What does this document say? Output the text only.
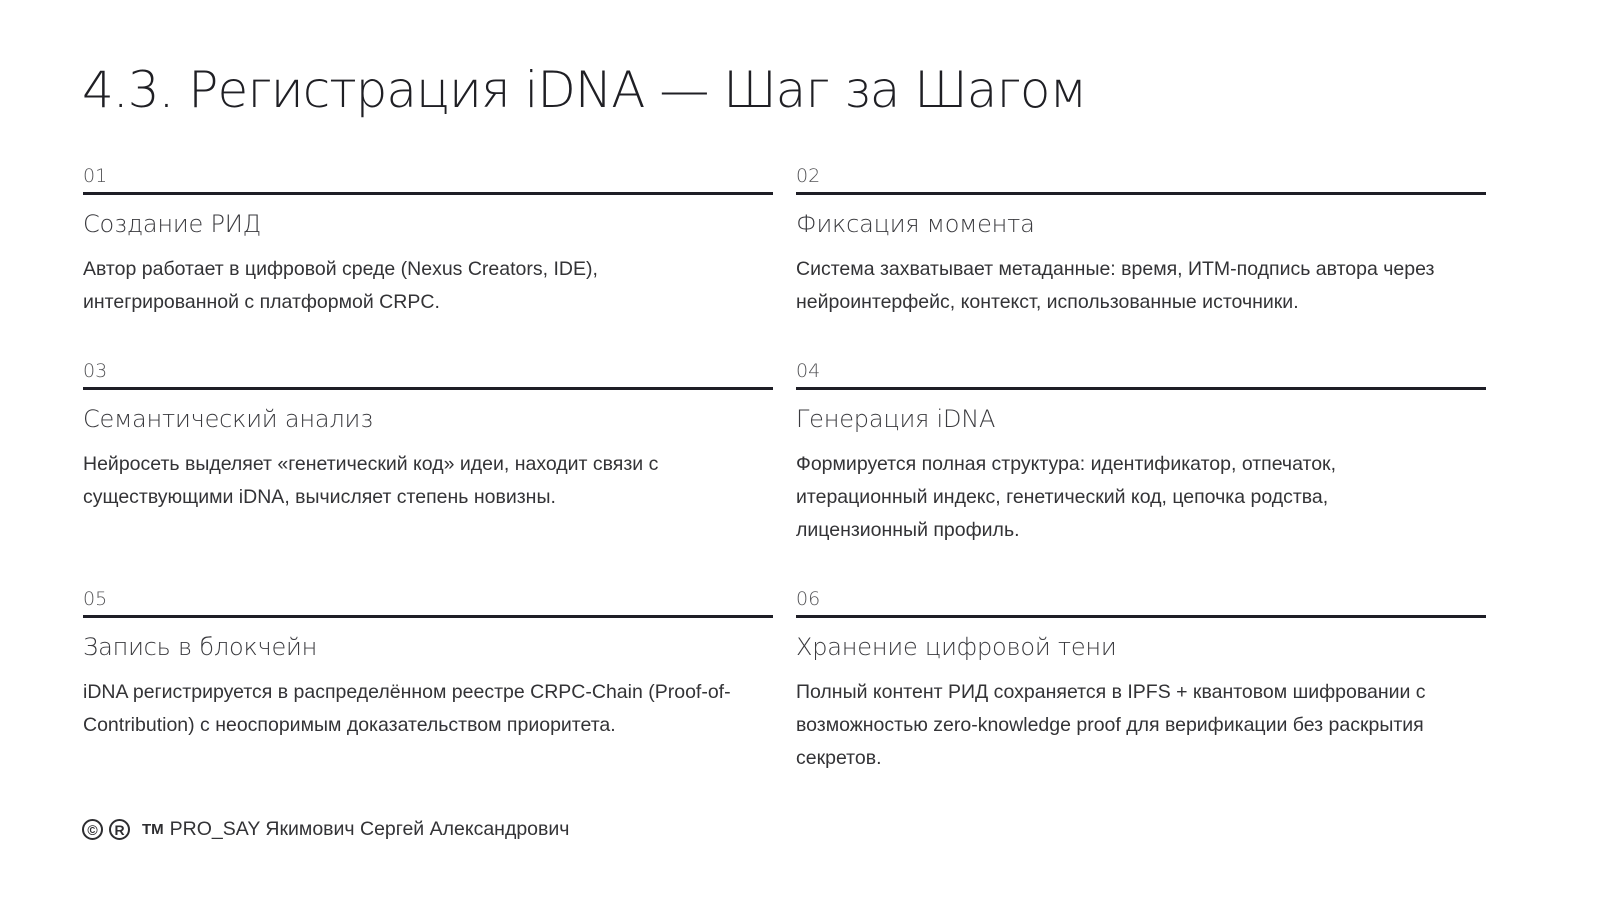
4.3. Регистрация iDNA — Шаг за Шагом
01
Создание РИД
Автор работает в цифровой среде (Nexus Creators, IDE), интегрированной с платформой CRPC.
02
Фиксация момента
Система захватывает метаданные: время, ИТМ-подпись автора через нейроинтерфейс, контекст, использованные источники.
03
Семантический анализ
Нейросеть выделяет «генетический код» идеи, находит связи с существующими iDNA, вычисляет степень новизны.
04
Генерация iDNA
Формируется полная структура: идентификатор, отпечаток, итерационный индекс, генетический код, цепочка родства, лицензионный профиль.
05
Запись в блокчейн
iDNA регистрируется в распределённом реестре CRPC-Chain (Proof-of-Contribution) с неоспоримым доказательством приоритета.
06
Хранение цифровой тени
Полный контент РИД сохраняется в IPFS + квантовом шифровании с возможностью zero-knowledge proof для верификации без раскрытия секретов.
©	R	TM PRO_SAY Якимович Сергей Александрович
